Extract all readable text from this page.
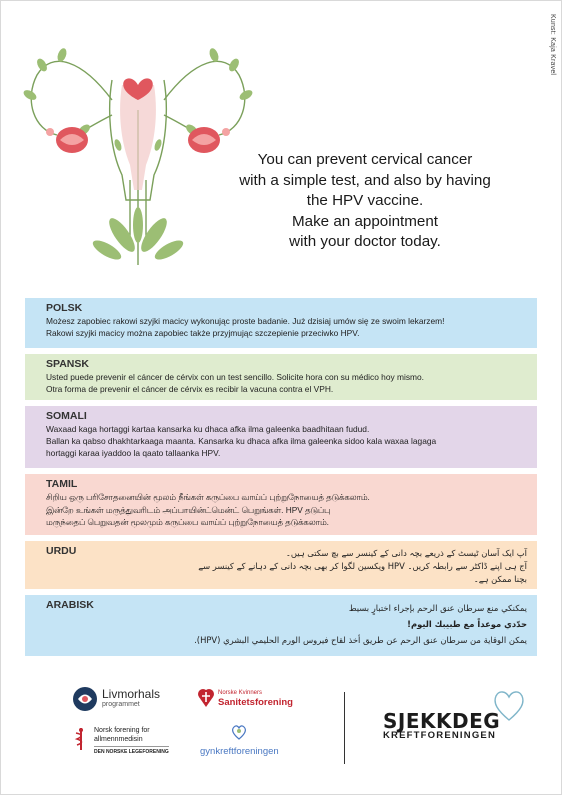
Kunst: Kaja Kravel
You can prevent cervical cancer
with a simple test, and also by having
the HPV vaccine.
Make an appointment
with your doctor today.
POLSK

Możesz zapobiec rakowi szyjki macicy wykonując proste badanie. Już dzisiaj umów się ze swoim lekarzem!

Rakowi szyjki macicy można zapobiec także przyjmując szczepienie przeciwko HPV.

SPANSK

Usted puede prevenir el cáncer de cérvix con un test sencillo. Solicite hora con su médico hoy mismo.

Otra forma de prevenir el cáncer de cérvix es recibir la vacuna contra el VPH.

SOMALI

Waxaad kaga hortaggi kartaa kansarka ku dhaca afka ilma galeenka baadhitaan fudud.

Ballan ka qabso dhakhtarkaaga maanta. Kansarka ku dhaca afka ilma galeenka sidoo kala waxaa lagaga

hortaggi karaa iyaddoo la qaato tallaanka HPV.

TAMIL

சிறிய ஒரு பரிசோதனையின் மூலம் நீங்கள் கருப்பை வாய்ப் புற்றுநோயைத் தடுக்கலாம்.

இன்றே உங்கள் மருத்துவரிடம் அப்பாயின்ட்மென்ட் பெறுங்கள். HPV தடுப்பு

மருந்தைப் பெறுவதன் மூலமும் கருப்பை வாய்ப் புற்றுநோயைத் தடுக்கலாம்.

URDU	آپ ایک آسان ٹیسٹ کے ذریعے بچہ دانی کے کینسر سے بچ سکتی ہیں۔

آج ہی اپنے ڈاکٹر سے رابطہ کریں۔ HPV ویکسین لگوا کر بھی بچہ دانی کے دہانے کے کینسر سے بچنا ممکن ہے۔

ARABISK	يمكنكي منع سرطان عنق الرحم بإجراء اختبارٍ بسيط

حدّدي موعداً مع طبيبك اليوم!

يمكن الوقاية من سرطان عنق الرحم عن طريق أخذ لقاح فيروس الورم الحليمي البشري (HPV).

Livmorhals
programmet
Norske Kvinners
Sanitetsforening
Norsk forening for
allmennmedisin
DEN NORSKE LEGEFORENING	gynkreftforeningen
SJEKKDEG
KREFTFORENINGEN
